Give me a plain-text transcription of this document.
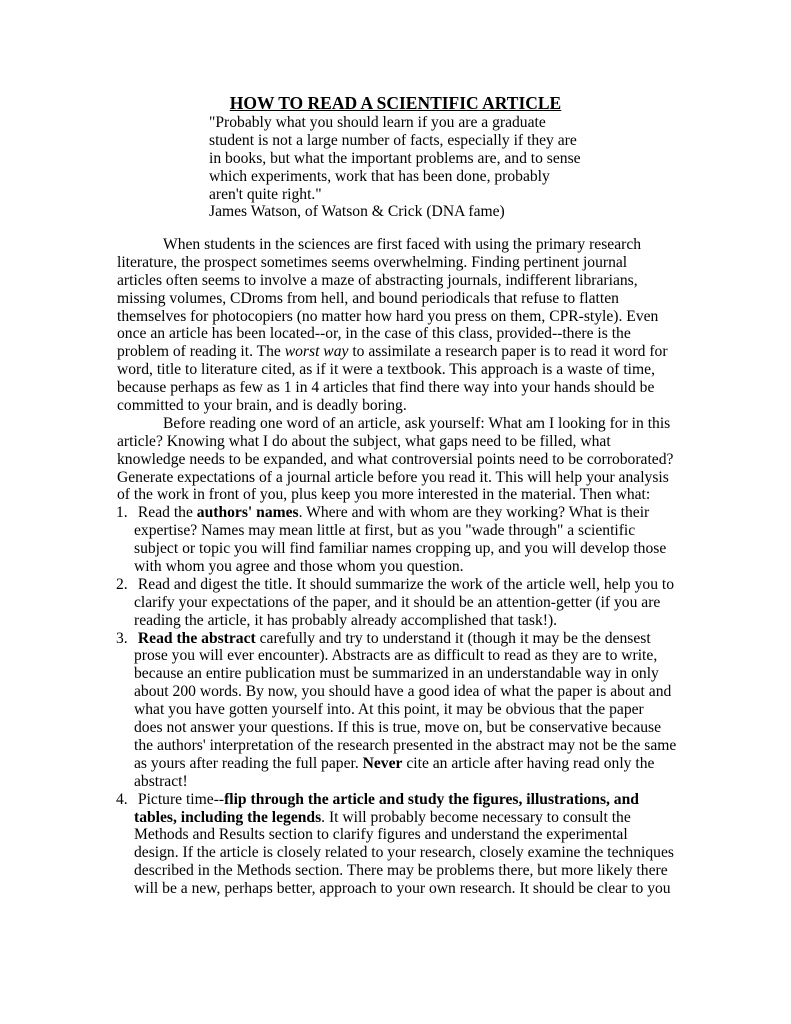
HOW TO READ A SCIENTIFIC ARTICLE
"Probably what you should learn if you are a graduate
student is not a large number of facts, especially if they are
in books, but what the important problems are, and to sense
which experiments, work that has been done, probably
aren't quite right."
James Watson, of Watson & Crick (DNA fame)
When students in the sciences are first faced with using the primary research
literature, the prospect sometimes seems overwhelming. Finding pertinent journal
articles often seems to involve a maze of abstracting journals, indifferent librarians,
missing volumes, CDroms from hell, and bound periodicals that refuse to flatten
themselves for photocopiers (no matter how hard you press on them, CPR-style). Even
once an article has been located--or, in the case of this class, provided--there is the
problem of reading it. The worst way to assimilate a research paper is to read it word for
word, title to literature cited, as if it were a textbook. This approach is a waste of time,
because perhaps as few as 1 in 4 articles that find there way into your hands should be
committed to your brain, and is deadly boring.
Before reading one word of an article, ask yourself: What am I looking for in this
article? Knowing what I do about the subject, what gaps need to be filled, what
knowledge needs to be expanded, and what controversial points need to be corroborated?
Generate expectations of a journal article before you read it. This will help your analysis
of the work in front of you, plus keep you more interested in the material. Then what:
1. Read the authors' names. Where and with whom are they working? What is their
expertise? Names may mean little at first, but as you "wade through" a scientific
subject or topic you will find familiar names cropping up, and you will develop those
with whom you agree and those whom you question.
2. Read and digest the title. It should summarize the work of the article well, help you to
clarify your expectations of the paper, and it should be an attention-getter (if you are
reading the article, it has probably already accomplished that task!).
3. Read the abstract carefully and try to understand it (though it may be the densest
prose you will ever encounter). Abstracts are as difficult to read as they are to write,
because an entire publication must be summarized in an understandable way in only
about 200 words. By now, you should have a good idea of what the paper is about and
what you have gotten yourself into. At this point, it may be obvious that the paper
does not answer your questions. If this is true, move on, but be conservative because
the authors' interpretation of the research presented in the abstract may not be the same
as yours after reading the full paper. Never cite an article after having read only the
abstract!
4. Picture time--flip through the article and study the figures, illustrations, and
tables, including the legends. It will probably become necessary to consult the
Methods and Results section to clarify figures and understand the experimental
design. If the article is closely related to your research, closely examine the techniques
described in the Methods section. There may be problems there, but more likely there
will be a new, perhaps better, approach to your own research. It should be clear to you
